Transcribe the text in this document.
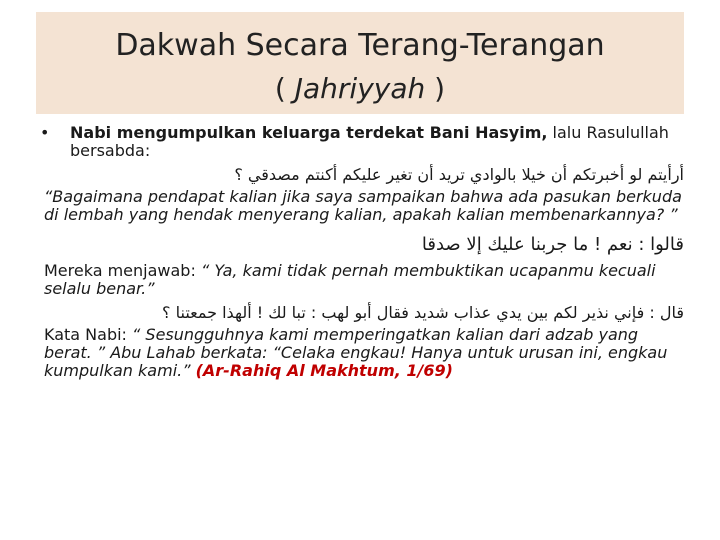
Dakwah Secara Terang-Terangan
( Jahriyyah )
• Nabi mengumpulkan keluarga terdekat Bani Hasyim, lalu Rasulullah bersabda:
أرأيتم لو أخبرتكم أن خيلا بالوادي تريد أن تغير عليكم أكنتم مصدقي ؟

“Bagaimana pendapat kalian jika saya sampaikan bahwa ada pasukan berkuda di lembah yang hendak menyerang kalian, apakah kalian membenarkannya? ”

قالوا : نعم ! ما جربنا عليك إلا صدقا

Mereka menjawab: “ Ya, kami tidak pernah membuktikan ucapanmu kecuali selalu benar.”

قال : فإني نذير لكم بين يدي عذاب شديد فقال أبو لهب : تبا لك ! ألهذا جمعتنا ؟

Kata Nabi: “ Sesungguhnya kami memperingatkan kalian dari adzab yang berat. ” Abu Lahab berkata: “Celaka engkau! Hanya untuk urusan ini, engkau kumpulkan kami.” (Ar-Rahiq Al Makhtum, 1/69)
